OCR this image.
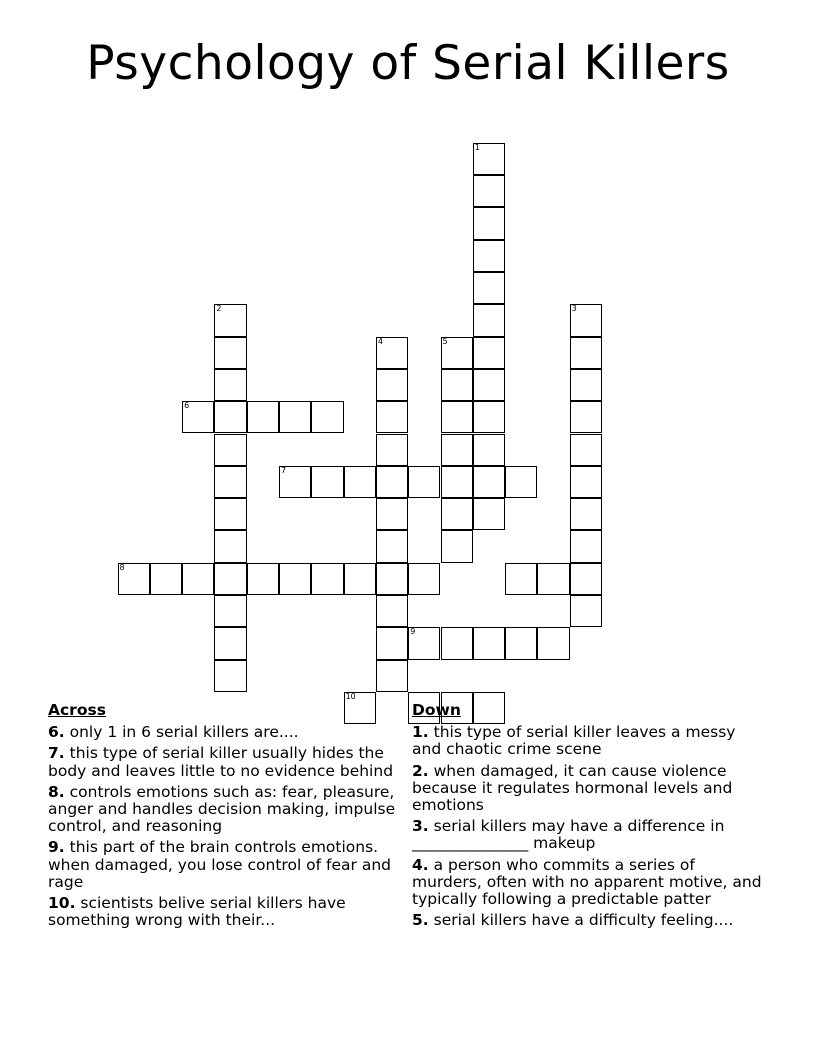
Psychology of Serial Killers
1
2	3
4	5
6
7
8
9
10
Across
6. only 1 in 6 serial killers are....
7. this type of serial killer usually hides the body and leaves little to no evidence behind
8. controls emotions such as: fear, pleasure, anger and handles decision making, impulse control, and reasoning
9. this part of the brain controls emotions. when damaged, you lose control of fear and rage
10. scientists belive serial killers have something wrong with their...
Down
1. this type of serial killer leaves a messy and chaotic crime scene
2. when damaged, it can cause violence because it regulates hormonal levels and emotions
3. serial killers may have a difference in _______________ makeup
4. a person who commits a series of murders, often with no apparent motive, and typically following a predictable patter
5. serial killers have a difficulty feeling....
